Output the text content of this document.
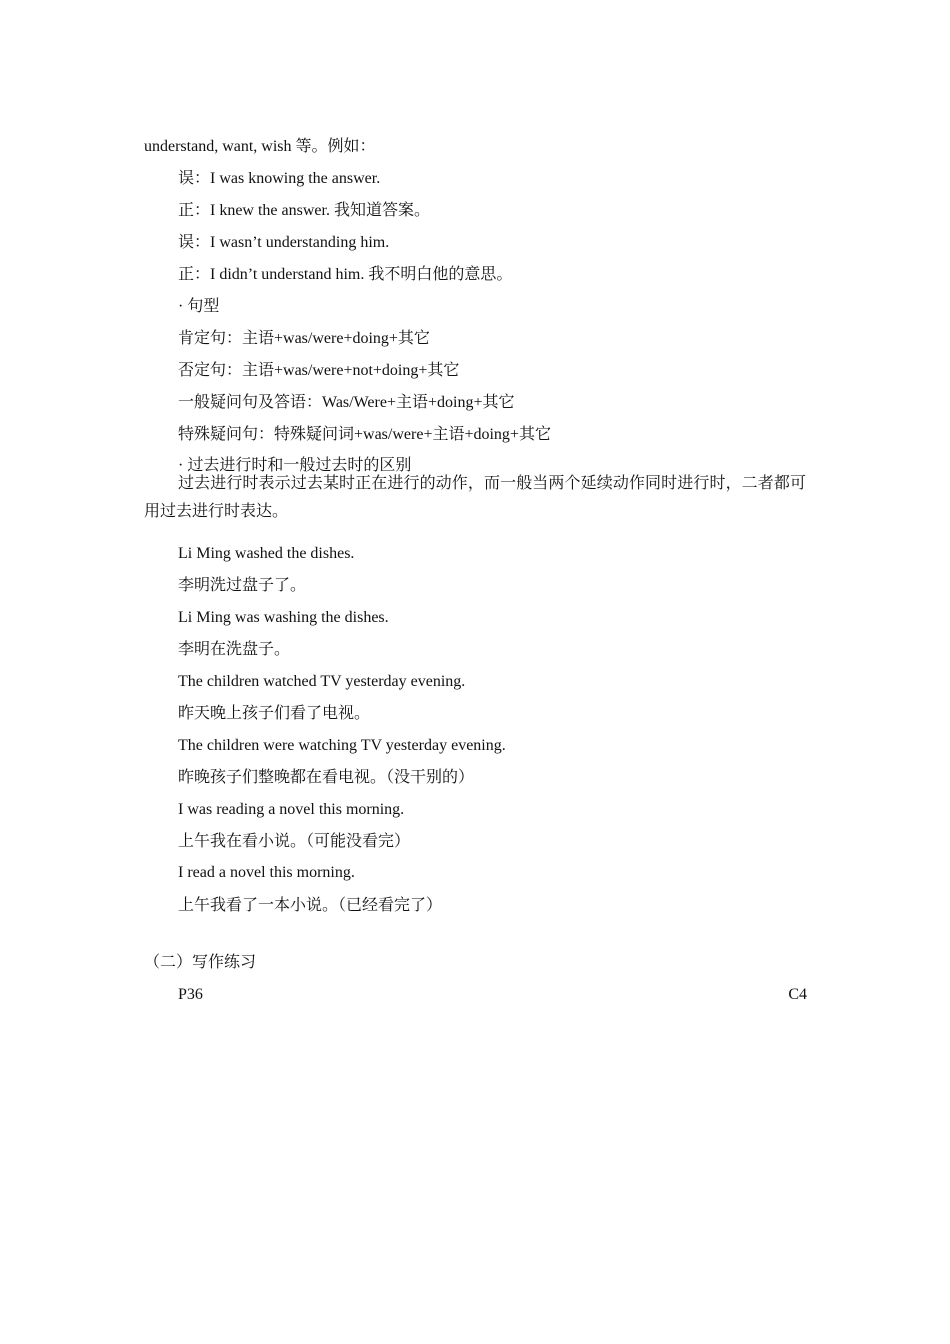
understand, want, wish 等。例如：
误：I was knowing the answer.
正：I knew the answer. 我知道答案。
误：I wasn’t understanding him.
正：I didn’t understand him. 我不明白他的意思。
· 句型
肯定句：主语+was/were+doing+其它
否定句：主语+was/were+not+doing+其它
一般疑问句及答语：Was/Were+主语+doing+其它
特殊疑问句：特殊疑问词+was/were+主语+doing+其它
· 过去进行时和一般过去时的区别
过去进行时表示过去某时正在进行的动作，而一般当两个延续动作同时进行时，二者都可用过去进行时表达。
Li Ming washed the dishes.
李明洗过盘子了。
Li Ming was washing the dishes.
李明在洗盘子。
The children watched TV yesterday evening.
昨天晚上孩子们看了电视。
The children were watching TV yesterday evening.
昨晚孩子们整晚都在看电视。（没干别的）
I was reading a novel this morning.
上午我在看小说。（可能没看完）
I read a novel this morning.
上午我看了一本小说。（已经看完了）
（二）写作练习
P36	C4
